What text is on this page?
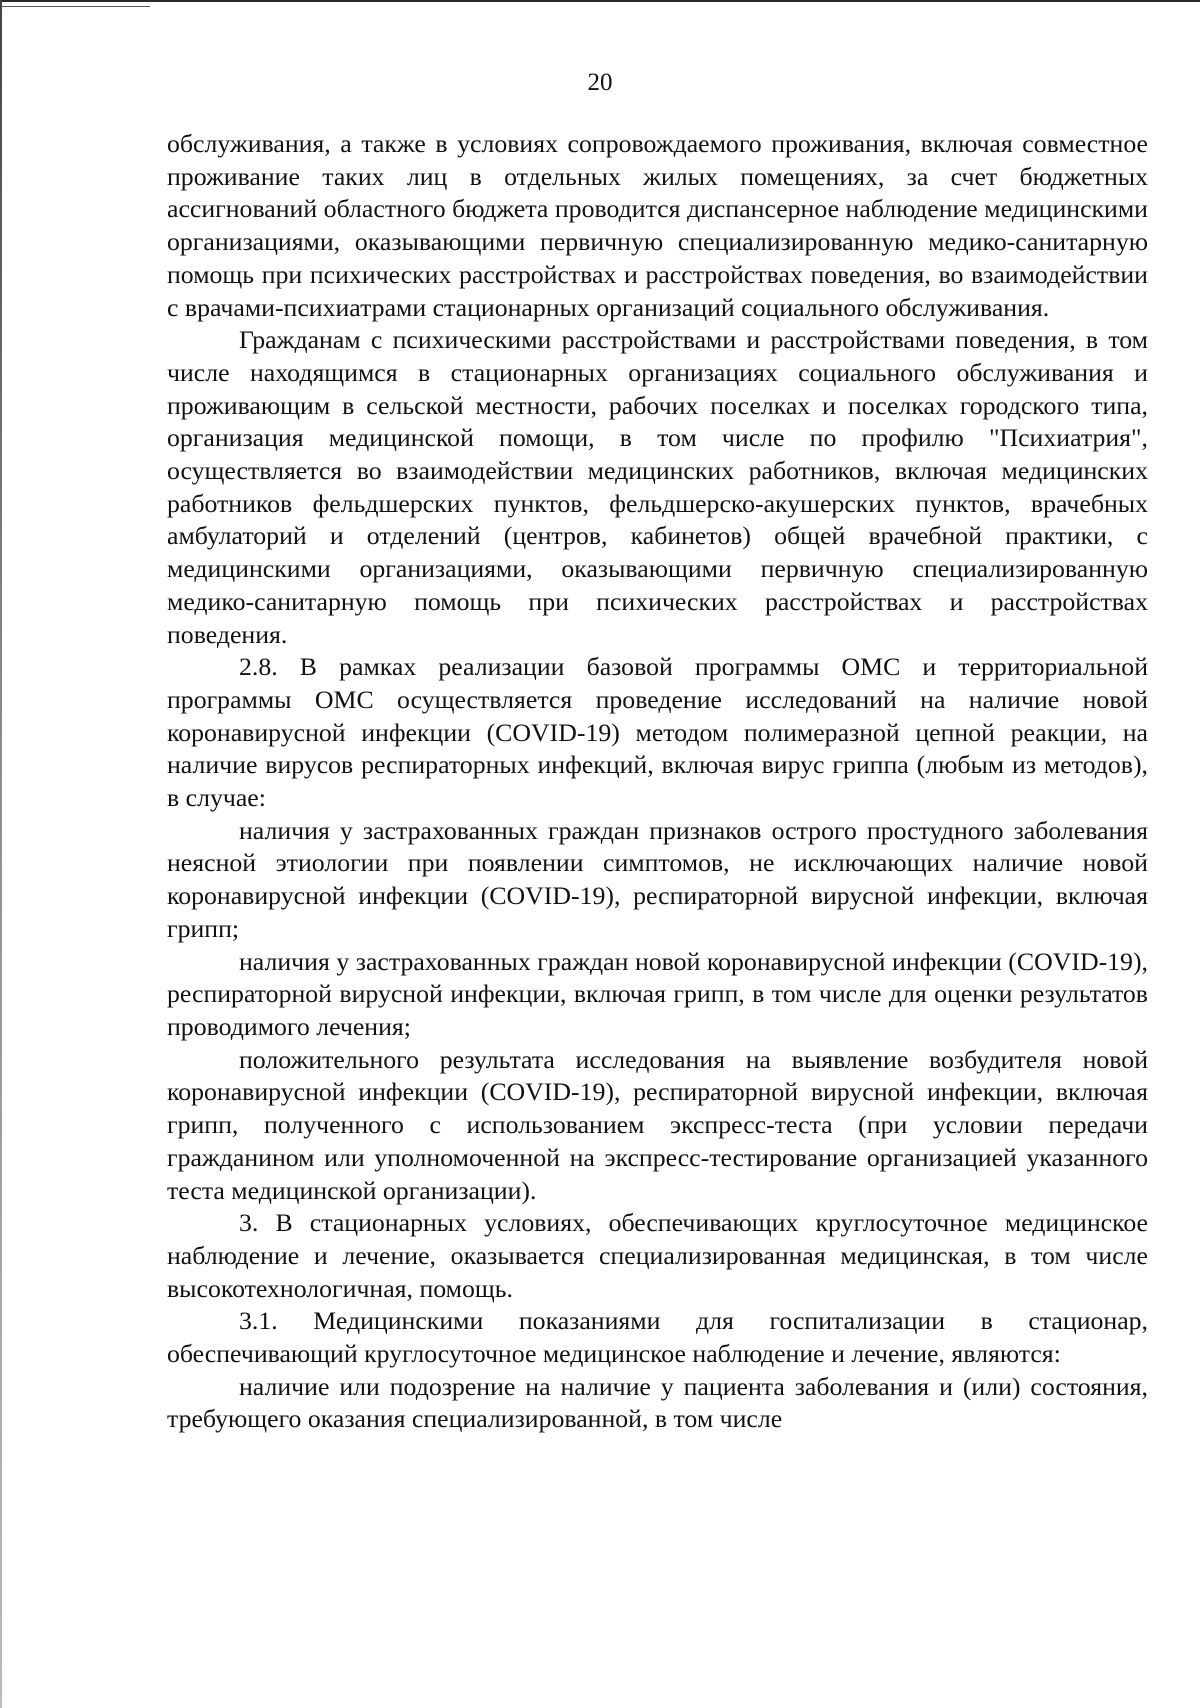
20

обслуживания, а также в условиях сопровождаемого проживания, включая совместное проживание таких лиц в отдельных жилых помещениях, за счет бюджетных ассигнований областного бюджета проводится диспансерное наблюдение медицинскими организациями, оказывающими первичную специализированную медико-санитарную помощь при психических расстройствах и расстройствах поведения, во взаимодействии с врачами-психиатрами стационарных организаций социального обслуживания.

Гражданам с психическими расстройствами и расстройствами поведения, в том числе находящимся в стационарных организациях социального обслуживания и проживающим в сельской местности, рабочих поселках и поселках городского типа, организация медицинской помощи, в том числе по профилю "Психиатрия", осуществляется во взаимодействии медицинских работников, включая медицинских работников фельдшерских пунктов, фельдшерско-акушерских пунктов, врачебных амбулаторий и отделений (центров, кабинетов) общей врачебной практики, с медицинскими организациями, оказывающими первичную специализированную медико-санитарную помощь при психических расстройствах и расстройствах поведения.

2.8. В рамках реализации базовой программы ОМС и территориальной программы ОМС осуществляется проведение исследований на наличие новой коронавирусной инфекции (COVID-19) методом полимеразной цепной реакции, на наличие вирусов респираторных инфекций, включая вирус гриппа (любым из методов), в случае:

наличия у застрахованных граждан признаков острого простудного заболевания неясной этиологии при появлении симптомов, не исключающих наличие новой коронавирусной инфекции (COVID-19), респираторной вирусной инфекции, включая грипп;

наличия у застрахованных граждан новой коронавирусной инфекции (COVID-19), респираторной вирусной инфекции, включая грипп, в том числе для оценки результатов проводимого лечения;

положительного результата исследования на выявление возбудителя новой коронавирусной инфекции (COVID-19), респираторной вирусной инфекции, включая грипп, полученного с использованием экспресс-теста (при условии передачи гражданином или уполномоченной на экспресс-тестирование организацией указанного теста медицинской организации).

3. В стационарных условиях, обеспечивающих круглосуточное медицинское наблюдение и лечение, оказывается специализированная медицинская, в том числе высокотехнологичная, помощь.

3.1. Медицинскими показаниями для госпитализации в стационар, обеспечивающий круглосуточное медицинское наблюдение и лечение, являются:

наличие или подозрение на наличие у пациента заболевания и (или) состояния, требующего оказания специализированной, в том числе
